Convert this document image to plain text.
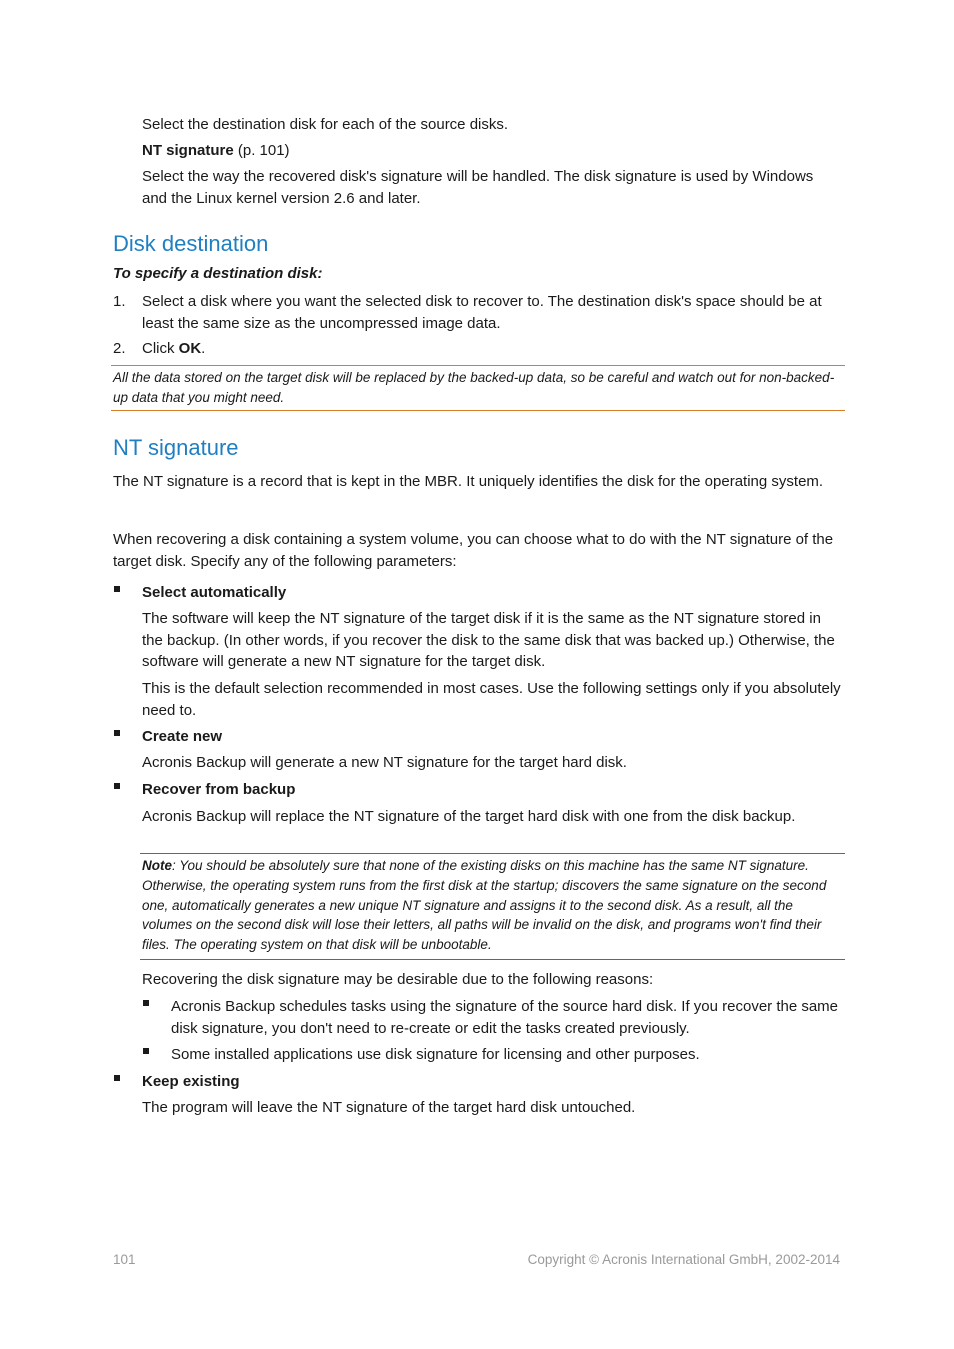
Select the destination disk for each of the source disks.

NT signature (p. 101)

Select the way the recovered disk's signature will be handled. The disk signature is used by Windows and the Linux kernel version 2.6 and later.

Disk destination

To specify a destination disk:

1.	Select a disk where you want the selected disk to recover to. The destination disk's space should be at least the same size as the uncompressed image data.

2.	Click OK.

All the data stored on the target disk will be replaced by the backed-up data, so be careful and watch out for non-backed-up data that you might need.
NT signature

The NT signature is a record that is kept in the MBR. It uniquely identifies the disk for the operating system.

When recovering a disk containing a system volume, you can choose what to do with the NT signature of the target disk. Specify any of the following parameters:

Select automatically

The software will keep the NT signature of the target disk if it is the same as the NT signature stored in the backup. (In other words, if you recover the disk to the same disk that was backed up.) Otherwise, the software will generate a new NT signature for the target disk.

This is the default selection recommended in most cases. Use the following settings only if you absolutely need to.

Create new

Acronis Backup will generate a new NT signature for the target hard disk.

Recover from backup

Acronis Backup will replace the NT signature of the target hard disk with one from the disk backup.

Note: You should be absolutely sure that none of the existing disks on this machine has the same NT signature. Otherwise, the operating system runs from the first disk at the startup; discovers the same signature on the second one, automatically generates a new unique NT signature and assigns it to the second disk. As a result, all the volumes on the second disk will lose their letters, all paths will be invalid on the disk, and programs won't find their files. The operating system on that disk will be unbootable.

Recovering the disk signature may be desirable due to the following reasons:

Acronis Backup schedules tasks using the signature of the source hard disk. If you recover the same disk signature, you don't need to re-create or edit the tasks created previously.

Some installed applications use disk signature for licensing and other purposes.

Keep existing

The program will leave the NT signature of the target hard disk untouched.

101	Copyright © Acronis International GmbH, 2002-2014
